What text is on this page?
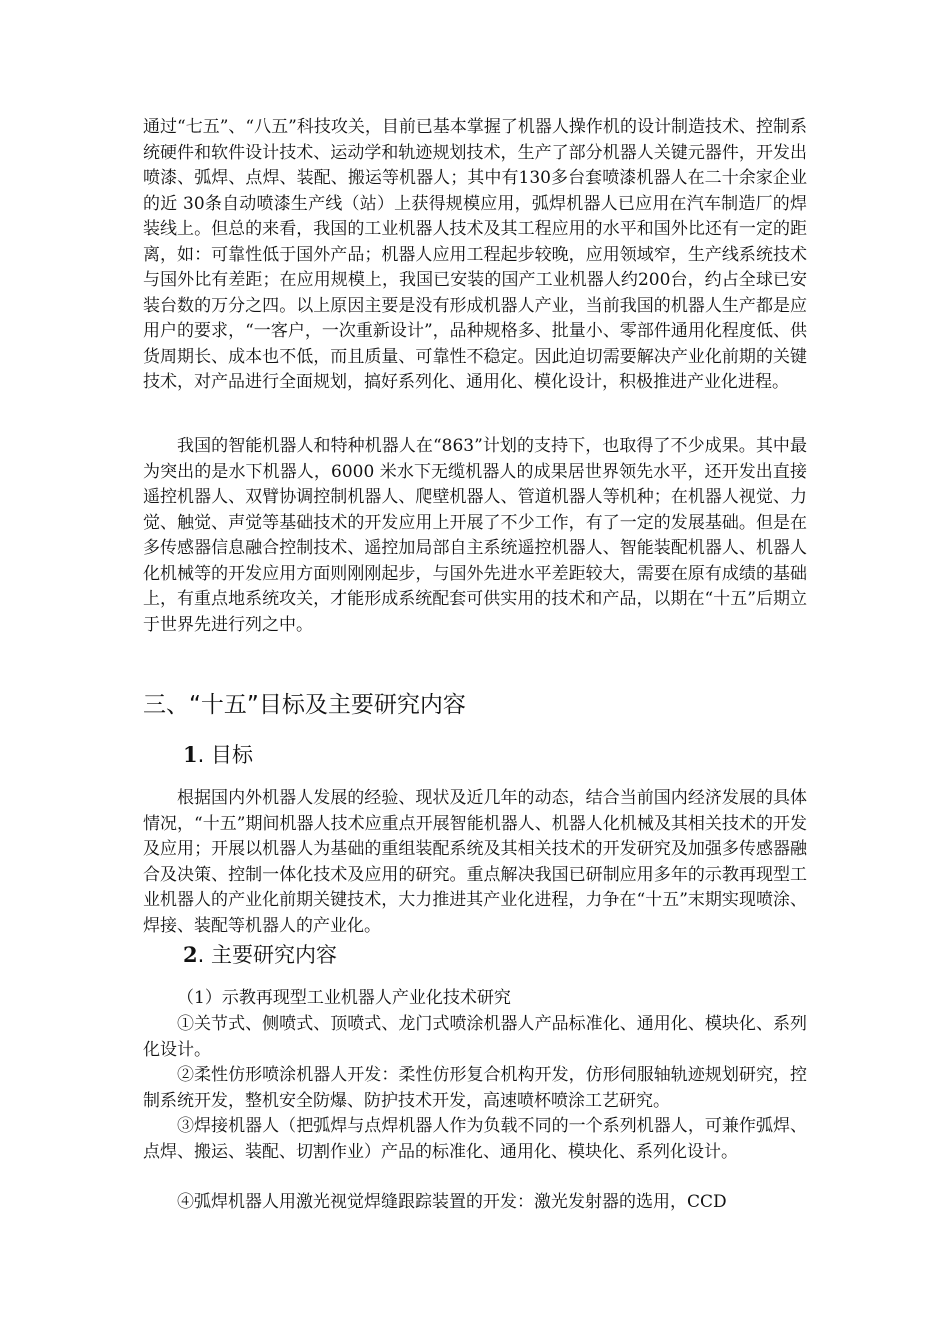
通过“七五”、“八五”科技攻关，目前已基本掌握了机器人操作机的设计制造技术、控制系统硬件和软件设计技术、运动学和轨迹规划技术，生产了部分机器人关键元器件，开发出喷漆、弧焊、点焊、装配、搬运等机器人；其中有130多台套喷漆机器人在二十余家企业的近 30条自动喷漆生产线（站）上获得规模应用，弧焊机器人已应用在汽车制造厂的焊装线上。但总的来看，我国的工业机器人技术及其工程应用的水平和国外比还有一定的距离，如：可靠性低于国外产品；机器人应用工程起步较晚，应用领域窄，生产线系统技术与国外比有差距；在应用规模上，我国已安装的国产工业机器人约200台，约占全球已安装台数的万分之四。以上原因主要是没有形成机器人产业，当前我国的机器人生产都是应用户的要求，“一客户，一次重新设计”，品种规格多、批量小、零部件通用化程度低、供货周期长、成本也不低，而且质量、可靠性不稳定。因此迫切需要解决产业化前期的关键技术，对产品进行全面规划，搞好系列化、通用化、模化设计，积极推进产业化进程。

我国的智能机器人和特种机器人在“863”计划的支持下，也取得了不少成果。其中最为突出的是水下机器人，6000 米水下无缆机器人的成果居世界领先水平，还开发出直接遥控机器人、双臂协调控制机器人、爬壁机器人、管道机器人等机种；在机器人视觉、力觉、触觉、声觉等基础技术的开发应用上开展了不少工作，有了一定的发展基础。但是在多传感器信息融合控制技术、遥控加局部自主系统遥控机器人、智能装配机器人、机器人化机械等的开发应用方面则刚刚起步，与国外先进水平差距较大，需要在原有成绩的基础上，有重点地系统攻关，才能形成系统配套可供实用的技术和产品，以期在“十五”后期立于世界先进行列之中。

三、“十五”目标及主要研究内容
1. 目标

根据国内外机器人发展的经验、现状及近几年的动态，结合当前国内经济发展的具体情况，“十五”期间机器人技术应重点开展智能机器人、机器人化机械及其相关技术的开发及应用；开展以机器人为基础的重组装配系统及其相关技术的开发研究及加强多传感器融合及决策、控制一体化技术及应用的研究。重点解决我国已研制应用多年的示教再现型工业机器人的产业化前期关键技术，大力推进其产业化进程，力争在“十五”末期实现喷涂、焊接、装配等机器人的产业化。

2. 主要研究内容

（1）示教再现型工业机器人产业化技术研究

①关节式、侧喷式、顶喷式、龙门式喷涂机器人产品标准化、通用化、模块化、系列化设计。

②柔性仿形喷涂机器人开发：柔性仿形复合机构开发，仿形伺服轴轨迹规划研究，控制系统开发，整机安全防爆、防护技术开发，高速喷杯喷涂工艺研究。

③焊接机器人（把弧焊与点焊机器人作为负载不同的一个系列机器人，可兼作弧焊、点焊、搬运、装配、切割作业）产品的标准化、通用化、模块化、系列化设计。

④弧焊机器人用激光视觉焊缝跟踪装置的开发：激光发射器的选用，CCD
